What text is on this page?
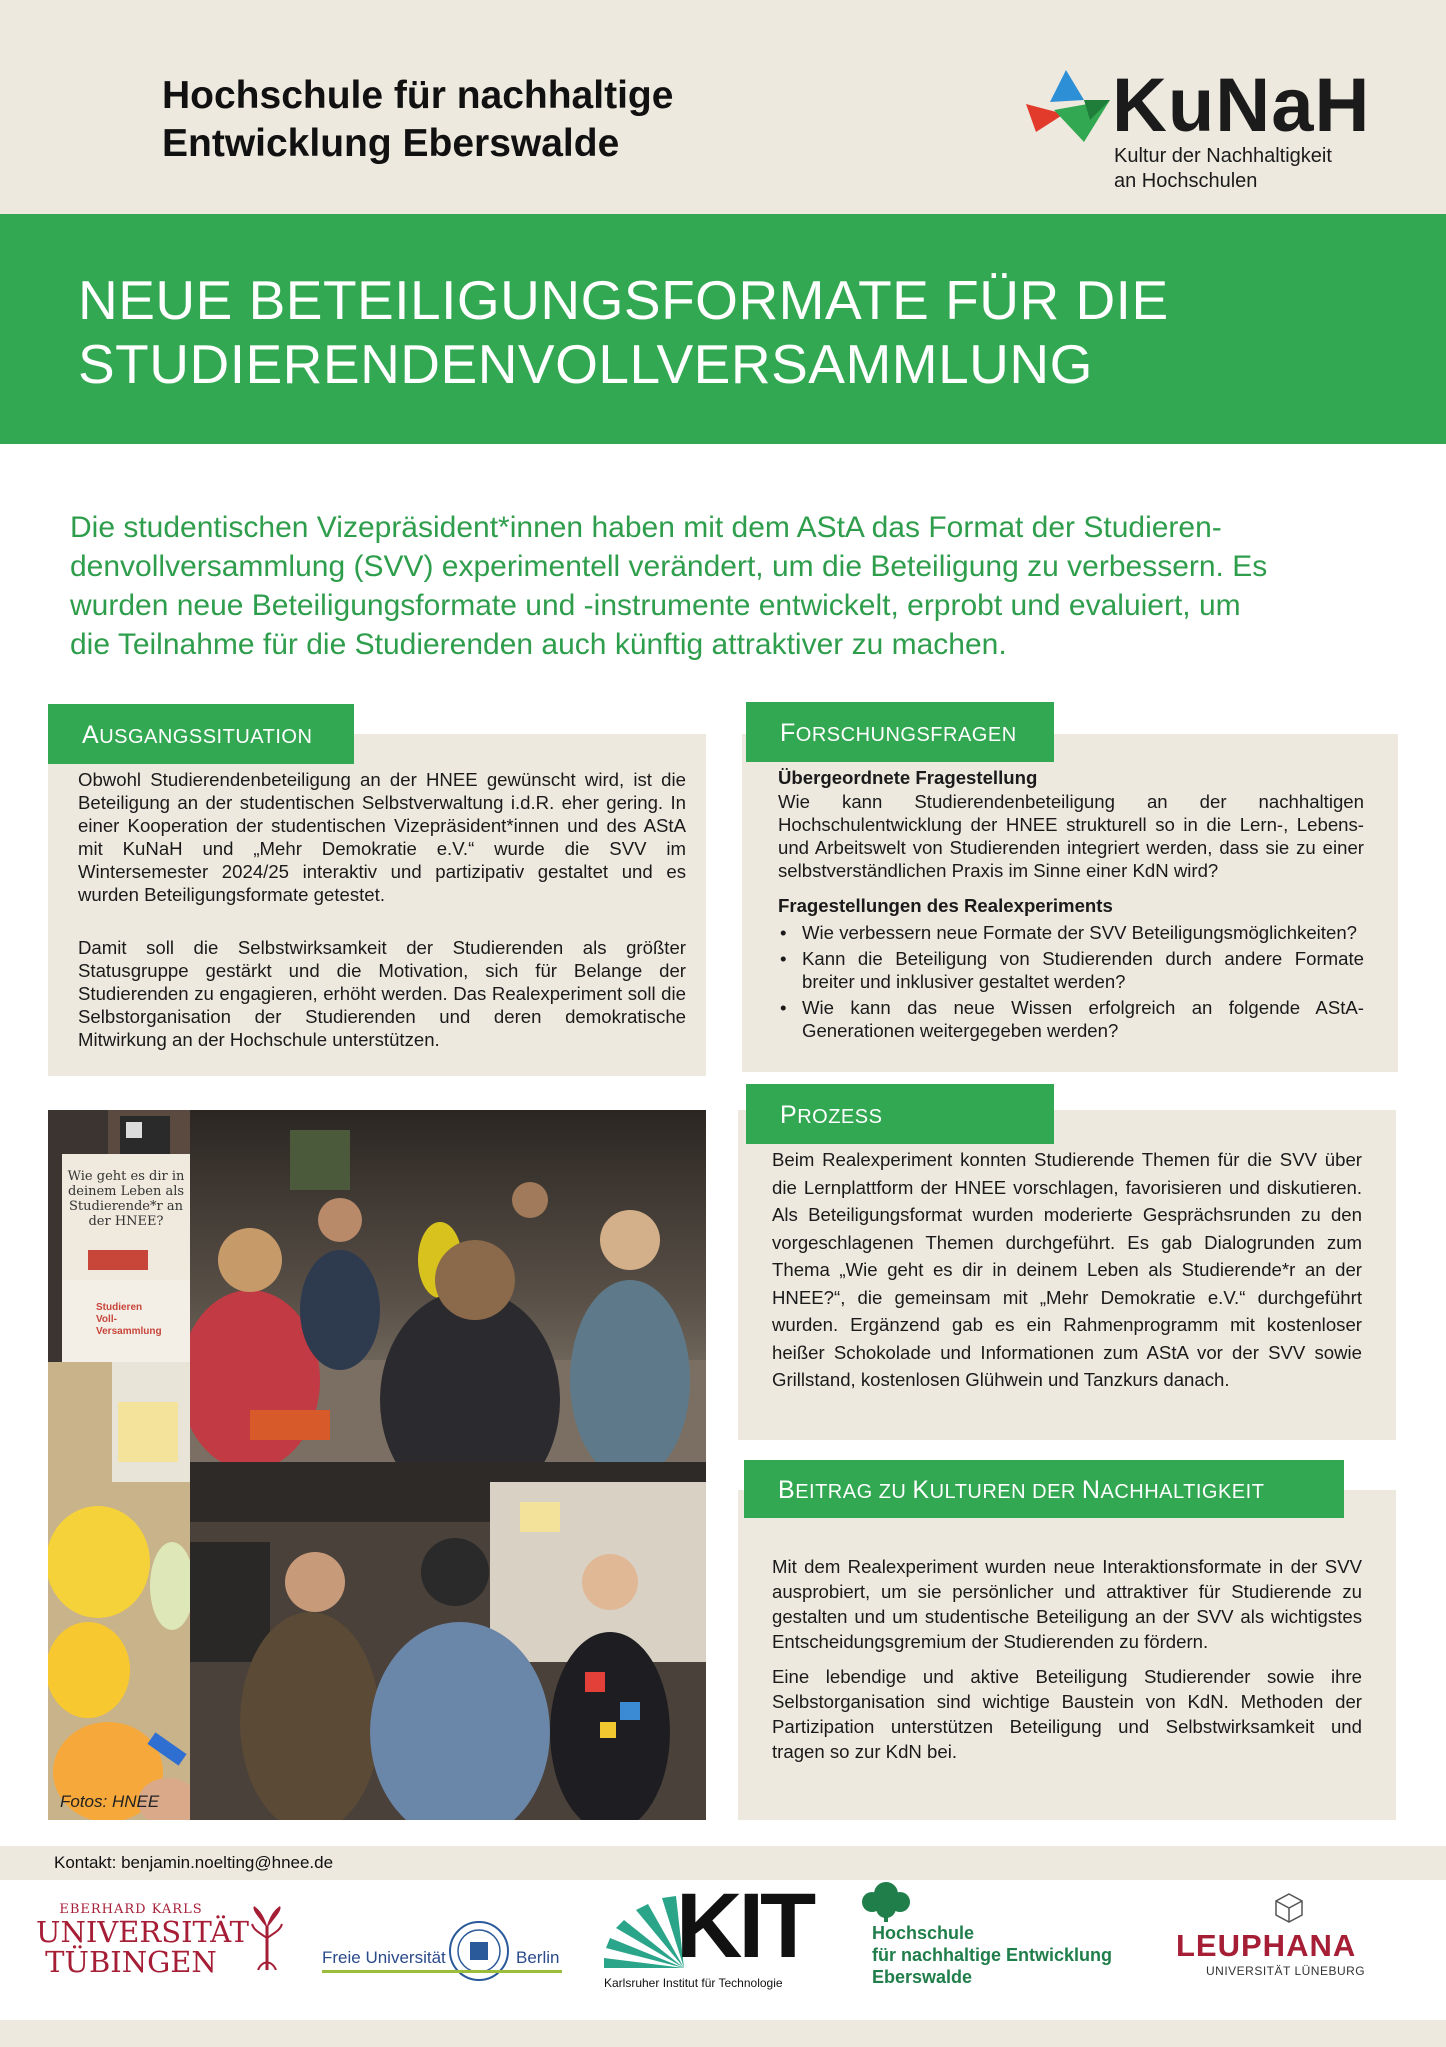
Hochschule für nachhaltige
Entwicklung Eberswalde	KuNaH
Kultur der Nachhaltigkeit
an Hochschulen
NEUE BETEILIGUNGSFORMATE FÜR DIE
STUDIERENDENVOLLVERSAMMLUNG
Die studentischen Vizepräsident*innen haben mit dem AStA das Format der Studieren-
denvollversammlung (SVV) experimentell verändert, um die Beteiligung zu verbessern. Es
wurden neue Beteiligungsformate und -instrumente entwickelt, erprobt und evaluiert, um
die Teilnahme für die Studierenden auch künftig attraktiver zu machen.
AUSGANGSSITUATION

Obwohl Studierendenbeteiligung an der HNEE gewünscht wird, ist die Beteiligung an der studentischen Selbstverwaltung i.d.R. eher gering. In einer Kooperation der studentischen Vizepräsident*innen und des AStA mit KuNaH und „Mehr Demokratie e.V.“ wurde die SVV im Wintersemester 2024/25 interaktiv und partizipativ gestaltet und es wurden Beteiligungsformate getestet.

Damit soll die Selbstwirksamkeit der Studierenden als größter Statusgruppe gestärkt und die Motivation, sich für Belange der Studierenden zu engagieren, erhöht werden. Das Realexperiment soll die Selbstorganisation der Studierenden und deren demokratische Mitwirkung an der Hochschule unterstützen.

FORSCHUNGSFRAGEN
Übergeordnete Fragestellung

Wie kann Studierendenbeteiligung an der nachhaltigen Hochschulentwicklung der HNEE strukturell so in die Lern-, Lebens- und Arbeitswelt von Studierenden integriert werden, dass sie zu einer selbstverständlichen Praxis im Sinne einer KdN wird?

Fragestellungen des Realexperiments
• Wie verbessern neue Formate der SVV Beteiligungsmöglichkeiten?
• Kann die Beteiligung von Studierenden durch andere Formate breiter und inklusiver gestaltet werden?
• Wie kann das neue Wissen erfolgreich an folgende AStA-Generationen weitergegeben werden?
PROZESS
Beim Realexperiment konnten Studierende Themen für die SVV über die Lernplattform der HNEE vorschlagen, favorisieren und diskutieren. Als Beteiligungsformat wurden moderierte Gesprächsrunden zu den vorgeschlagenen Themen durchgeführt. Es gab Dialogrunden zum Thema „Wie geht es dir in deinem Leben als Studierende*r an der HNEE?“, die gemeinsam mit „Mehr Demokratie e.V.“ durchgeführt wurden. Ergänzend gab es ein Rahmenprogramm mit kostenloser heißer Schokolade und Informationen zum AStA vor der SVV sowie Grillstand, kostenlosen Glühwein und Tanzkurs danach.
BEITRAG ZU KULTUREN DER NACHHALTIGKEIT

Mit dem Realexperiment wurden neue Interaktionsformate in der SVV ausprobiert, um sie persönlicher und attraktiver für Studierende zu gestalten und um studentische Beteiligung an der SVV als wichtigstes Entscheidungsgremium der Studierenden zu fördern.

Eine lebendige und aktive Beteiligung Studierender sowie ihre Selbstorganisation sind wichtige Baustein von KdN. Methoden der Partizipation unterstützen Beteiligung und Selbstwirksamkeit und tragen so zur KdN bei.

Wie geht es dir in
deinem Leben als
Studierende*r an
der HNEE?
Studieren
Voll-
Versammlung
Fotos: HNEE
Kontakt: benjamin.noelting@hnee.de
EBERHARD KARLS
UNIVERSITÄT
TÜBINGEN	Freie Universität	Berlin KIT
Karlsruher Institut für Technologie
Hochschule
für nachhaltige Entwicklung
Eberswalde
LEUPHANA
UNIVERSITÄT LÜNEBURG
